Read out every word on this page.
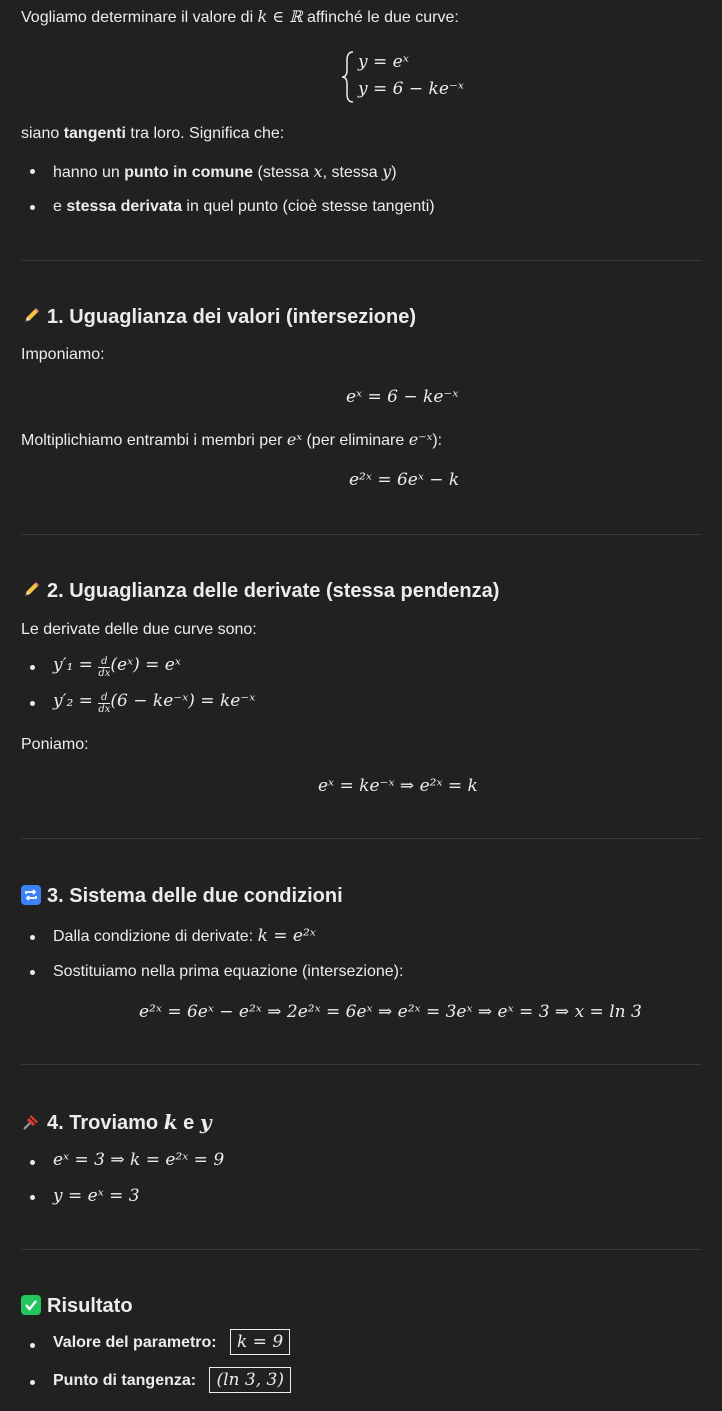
Vogliamo determinare il valore di k ∈ ℝ affinché le due curve:
y = eˣ
y = 6 − ke⁻ˣ
siano tangenti tra loro. Significa che:
hanno un punto in comune (stessa x, stessa y)
e stessa derivata in quel punto (cioè stesse tangenti)
1. Uguaglianza dei valori (intersezione)
Imponiamo:
eˣ = 6 − ke⁻ˣ
Moltiplichiamo entrambi i membri per eˣ (per eliminare e⁻ˣ):
e²ˣ = 6eˣ − k
2. Uguaglianza delle derivate (stessa pendenza)
Le derivate delle due curve sono:
$y'_1 = \frac{d}{dx}$ (eˣ) = eˣ
$y'_2 = \frac{d}{dx} (6$ − ke⁻ˣ) = ke⁻ˣ
Poniamo:
eˣ = ke⁻ˣ ⇒ e²ˣ = k
3. Sistema delle due condizioni
Dalla condizione di derivate: k = e²ˣ
Sostituiamo nella prima equazione (intersezione):
e²ˣ = 6eˣ − e²ˣ ⇒ 2e²ˣ = 6eˣ ⇒ e²ˣ = 3eˣ ⇒ eˣ = 3 ⇒ x = ln 3
4. Troviamo k e y
eˣ = 3 ⇒ k = e²ˣ = 9
y = eˣ = 3
Risultato
Valore del parametro: k = 9
Punto di tangenza: (ln 3, 3)
